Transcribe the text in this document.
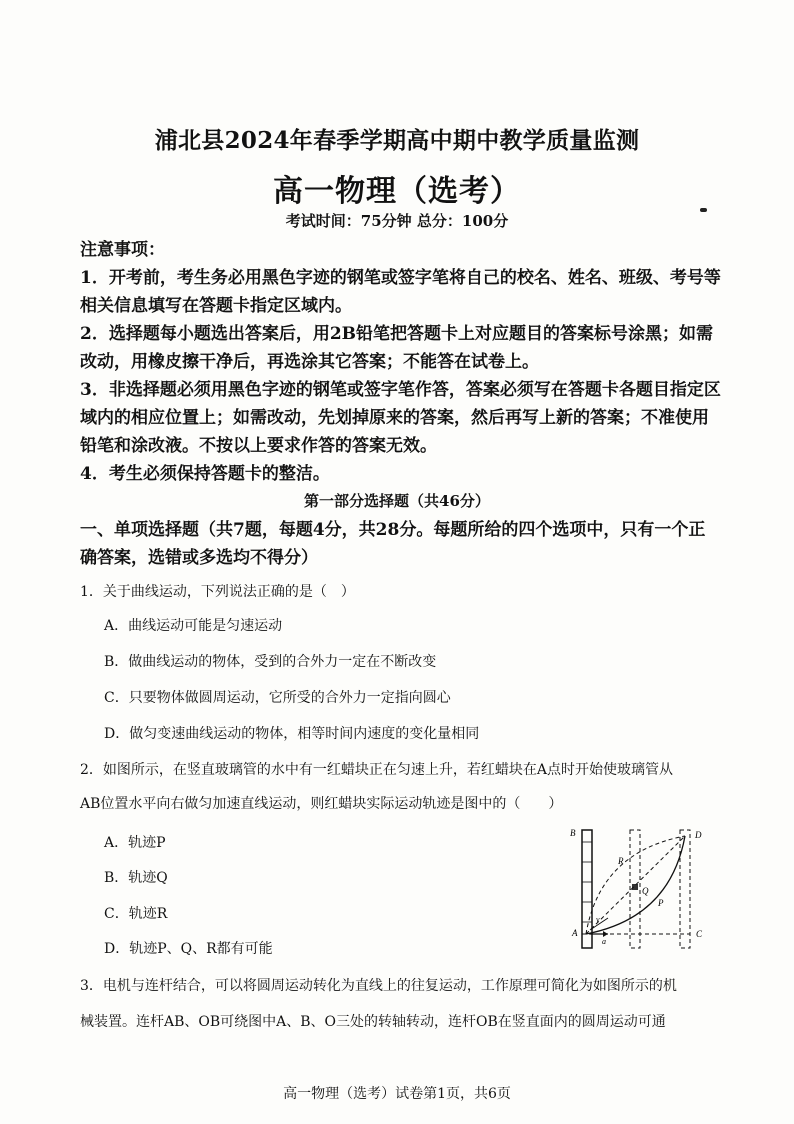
浦北县2024年春季学期高中期中教学质量监测
高一物理（选考）
考试时间：75分钟 总分：100分
注意事项：
1．开考前，考生务必用黑色字迹的钢笔或签字笔将自己的校名、姓名、班级、考号等
相关信息填写在答题卡指定区域内。
2．选择题每小题选出答案后，用2B铅笔把答题卡上对应题目的答案标号涂黑；如需
改动，用橡皮擦干净后，再选涂其它答案；不能答在试卷上。
3．非选择题必须用黑色字迹的钢笔或签字笔作答，答案必须写在答题卡各题目指定区
域内的相应位置上；如需改动，先划掉原来的答案，然后再写上新的答案；不准使用
铅笔和涂改液。不按以上要求作答的答案无效。
4．考生必须保持答题卡的整洁。
第一部分选择题（共46分）
一、单项选择题（共7题，每题4分，共28分。每题所给的四个选项中，只有一个正
确答案，选错或多选均不得分）
1．关于曲线运动，下列说法正确的是（　）
A．曲线运动可能是匀速运动
B．做曲线运动的物体，受到的合外力一定在不断改变
C．只要物体做圆周运动，它所受的合外力一定指向圆心
D．做匀变速曲线运动的物体，相等时间内速度的变化量相同
2．如图所示，在竖直玻璃管的水中有一红蜡块正在匀速上升，若红蜡块在A点时开始使玻璃管从
AB位置水平向右做匀加速直线运动，则红蜡块实际运动轨迹是图中的（　　）
A．轨迹P
B．轨迹Q
C．轨迹R
D．轨迹P、Q、R都有可能
B	D
R
Q
P
A	C
v
a
3．电机与连杆结合，可以将圆周运动转化为直线上的往复运动，工作原理可简化为如图所示的机
械装置。连杆AB、OB可绕图中A、B、O三处的转轴转动，连杆OB在竖直面内的圆周运动可通
高一物理（选考）试卷第1页，共6页
